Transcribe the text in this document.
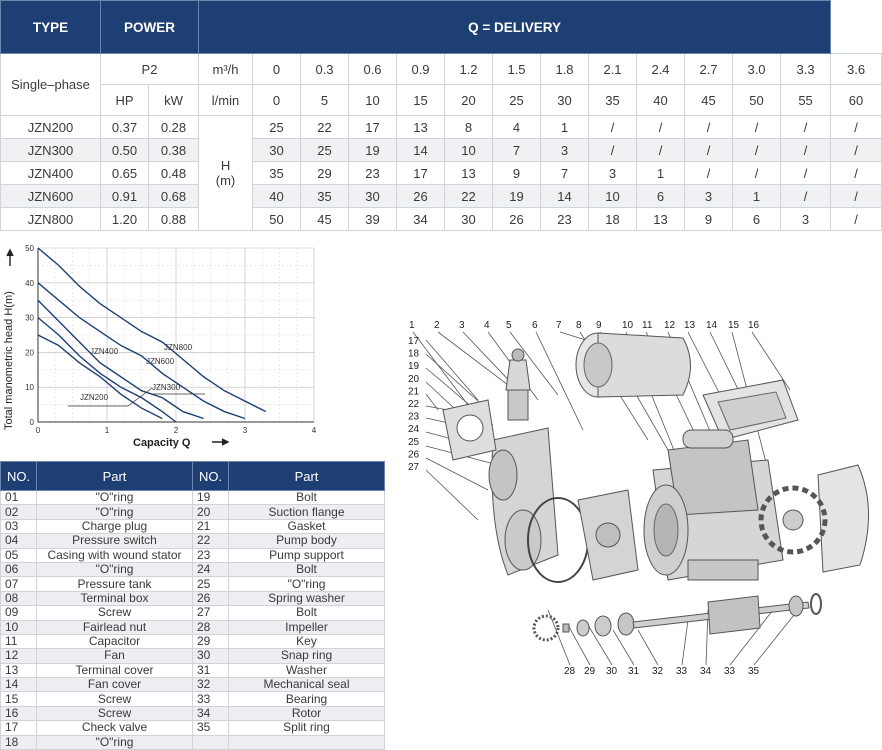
TYPE	POWER		Q = DELIVERY													
Single–phase	P2		m³/h	0	0.3	0.6	0.9	1.2	1.5	1.8	2.1	2.4	2.7	3.0	3.3	3.6
	HP	kW	l/min	0	5	10	15	20	25	30	35	40	45	50	55	60
JZN200	0.37	0.28	H
(m)	25	22	17	13	8	4	1	/	/	/	/	/	/
JZN300	0.50	0.38		30	25	19	14	10	7	3	/	/	/	/	/	/
JZN400	0.65	0.48		35	29	23	17	13	9	7	3	1	/	/	/	/
JZN600	0.91	0.68		40	35	30	26	22	19	14	10	6	3	1	/	/
JZN800	1.20	0.88		50	45	39	34	30	26	23	18	13	9	6	3	/
0	1	2	3	4
0
10
20
30
40
50
JZN200
JZN300
JZN400
JZN600
JZN800
Total manometric head H(m)
Capacity Q
NO.	Part	NO.	Part
01	"O"ring	19	Bolt
02	"O"ring	20	Suction flange
03	Charge plug	21	Gasket
04	Pressure switch	22	Pump body
05	Casing with wound stator	23	Pump support
06	"O"ring	24	Bolt
07	Pressure tank	25	"O"ring
08	Terminal box	26	Spring washer
09	Screw	27	Bolt
10	Fairlead nut	28	Impeller
11	Capacitor	29	Key
12	Fan	30	Snap ring
13	Terminal cover	31	Washer
14	Fan cover	32	Mechanical seal
15	Screw	33	Bearing
16	Screw	34	Rotor
17	Check valve	35	Split ring
18	"O"ring		
1 2 3 4 5 6 7 8 9 10 11 12 13 14 15 16
17
18
19
20
21
22
23
24
25
26
27
28 29 30 31 32 33 34 33 35
